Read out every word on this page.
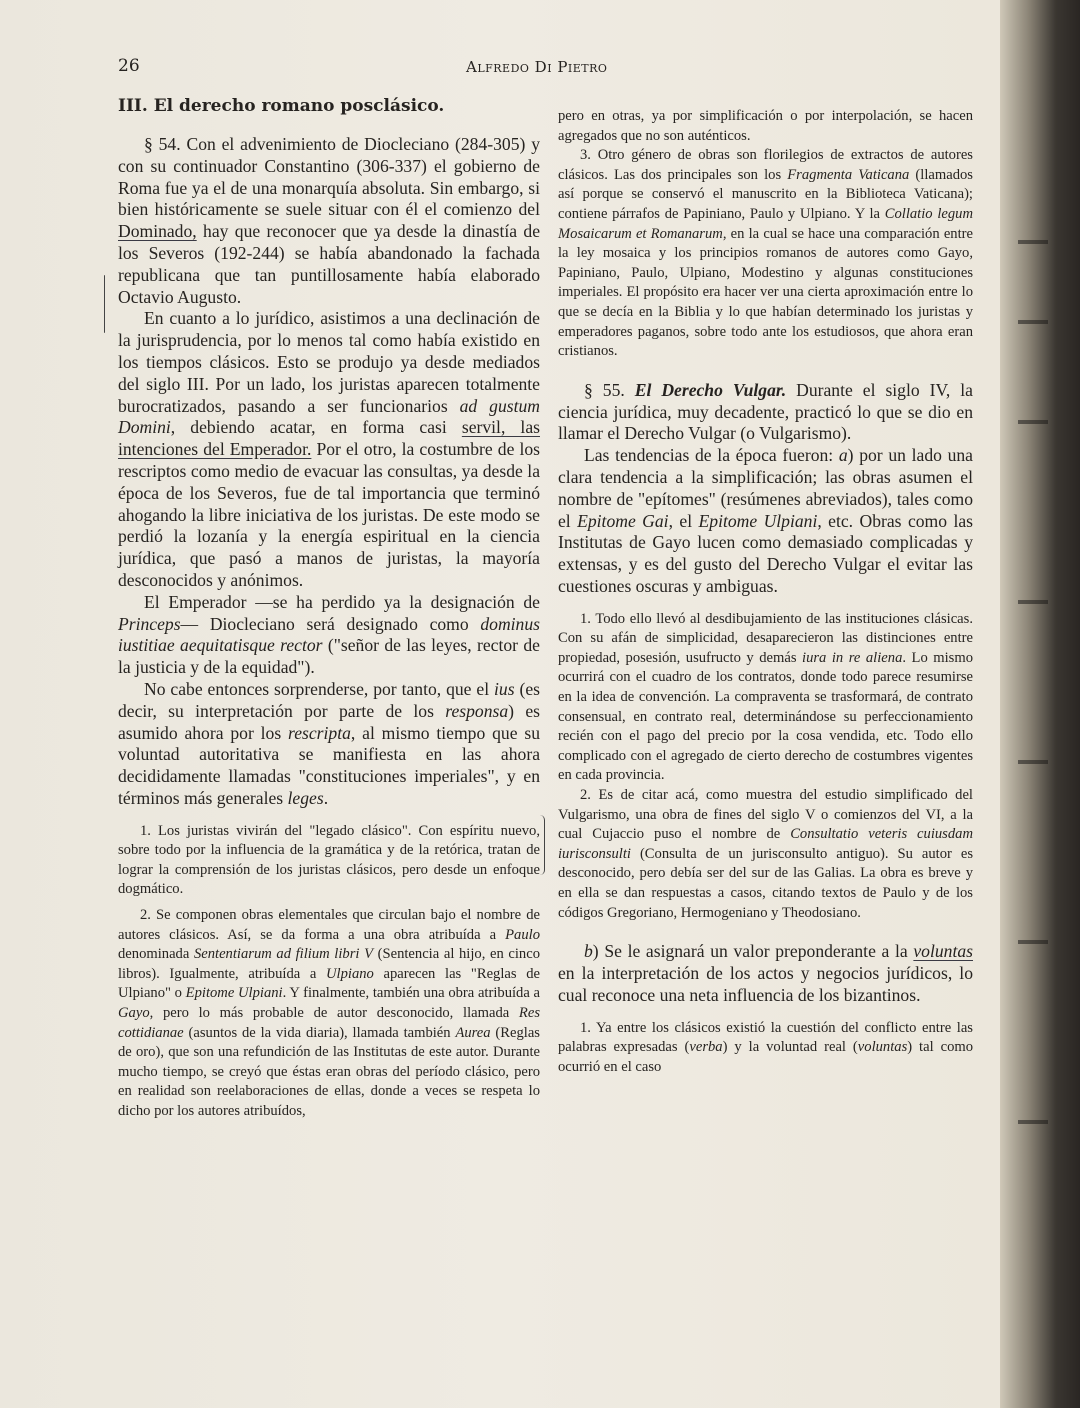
26	Alfredo Di Pietro
III. El derecho romano posclásico.

§ 54. Con el advenimiento de Diocleciano (284-305) y con su continuador Constantino (306-337) el gobierno de Roma fue ya el de una monarquía absoluta. Sin embargo, si bien históricamente se suele situar con él el comienzo del Dominado, hay que reconocer que ya desde la dinastía de los Severos (192-244) se había abandonado la fachada republicana que tan puntillosamente había elaborado Octavio Augusto.

En cuanto a lo jurídico, asistimos a una declinación de la jurisprudencia, por lo menos tal como había existido en los tiempos clásicos. Esto se produjo ya desde mediados del siglo III. Por un lado, los juristas aparecen totalmente burocratizados, pasando a ser funcionarios ad gustum Domini, debiendo acatar, en forma casi servil, las intenciones del Emperador. Por el otro, la costumbre de los rescriptos como medio de evacuar las consultas, ya desde la época de los Severos, fue de tal importancia que terminó ahogando la libre iniciativa de los juristas. De este modo se perdió la lozanía y la energía espiritual en la ciencia jurídica, que pasó a manos de juristas, la mayoría desconocidos y anónimos.

El Emperador —se ha perdido ya la designación de Princeps— Diocleciano será designado como dominus iustitiae aequitatisque rector ("señor de las leyes, rector de la justicia y de la equidad").

No cabe entonces sorprenderse, por tanto, que el ius (es decir, su interpretación por parte de los responsa) es asumido ahora por los rescripta, al mismo tiempo que su voluntad autoritativa se manifiesta en las ahora decididamente llamadas "constituciones imperiales", y en términos más generales leges.

1. Los juristas vivirán del "legado clásico". Con espíritu nuevo, sobre todo por la influencia de la gramática y de la retórica, tratan de lograr la comprensión de los juristas clásicos, pero desde un enfoque dogmático.

2. Se componen obras elementales que circulan bajo el nombre de autores clásicos. Así, se da forma a una obra atribuída a Paulo denominada Sententiarum ad filium libri V (Sentencia al hijo, en cinco libros). Igualmente, atribuída a Ulpiano aparecen las "Reglas de Ulpiano" o Epitome Ulpiani. Y finalmente, también una obra atribuída a Gayo, pero lo más probable de autor desconocido, llamada Res cottidianae (asuntos de la vida diaria), llamada también Aurea (Reglas de oro), que son una refundición de las Institutas de este autor. Durante mucho tiempo, se creyó que éstas eran obras del período clásico, pero en realidad son reelaboraciones de ellas, donde a veces se respeta lo dicho por los autores atribuídos,

pero en otras, ya por simplificación o por interpolación, se hacen agregados que no son auténticos.

3. Otro género de obras son florilegios de extractos de autores clásicos. Las dos principales son los Fragmenta Vaticana (llamados así porque se conservó el manuscrito en la Biblioteca Vaticana); contiene párrafos de Papiniano, Paulo y Ulpiano. Y la Collatio legum Mosaicarum et Romanarum, en la cual se hace una comparación entre la ley mosaica y los principios romanos de autores como Gayo, Papiniano, Paulo, Ulpiano, Modestino y algunas constituciones imperiales. El propósito era hacer ver una cierta aproximación entre lo que se decía en la Biblia y lo que habían determinado los juristas y emperadores paganos, sobre todo ante los estudiosos, que ahora eran cristianos.

§ 55. El Derecho Vulgar. Durante el siglo IV, la ciencia jurídica, muy decadente, practicó lo que se dio en llamar el Derecho Vulgar (o Vulgarismo).

Las tendencias de la época fueron: a) por un lado una clara tendencia a la simplificación; las obras asumen el nombre de "epítomes" (resúmenes abreviados), tales como el Epitome Gai, el Epitome Ulpiani, etc. Obras como las Institutas de Gayo lucen como demasiado complicadas y extensas, y es del gusto del Derecho Vulgar el evitar las cuestiones oscuras y ambiguas.

1. Todo ello llevó al desdibujamiento de las instituciones clásicas. Con su afán de simplicidad, desaparecieron las distinciones entre propiedad, posesión, usufructo y demás iura in re aliena. Lo mismo ocurrirá con el cuadro de los contratos, donde todo parece resumirse en la idea de convención. La compraventa se trasformará, de contrato consensual, en contrato real, determinándose su perfeccionamiento recién con el pago del precio por la cosa vendida, etc. Todo ello complicado con el agregado de cierto derecho de costumbres vigentes en cada provincia.

2. Es de citar acá, como muestra del estudio simplificado del Vulgarismo, una obra de fines del siglo V o comienzos del VI, a la cual Cujaccio puso el nombre de Consultatio veteris cuiusdam iurisconsulti (Consulta de un jurisconsulto antiguo). Su autor es desconocido, pero debía ser del sur de las Galias. La obra es breve y en ella se dan respuestas a casos, citando textos de Paulo y de los códigos Gregoriano, Hermogeniano y Theodosiano.

b) Se le asignará un valor preponderante a la voluntas en la interpretación de los actos y negocios jurídicos, lo cual reconoce una neta influencia de los bizantinos.

1. Ya entre los clásicos existió la cuestión del conflicto entre las palabras expresadas (verba) y la voluntad real (voluntas) tal como ocurrió en el caso
